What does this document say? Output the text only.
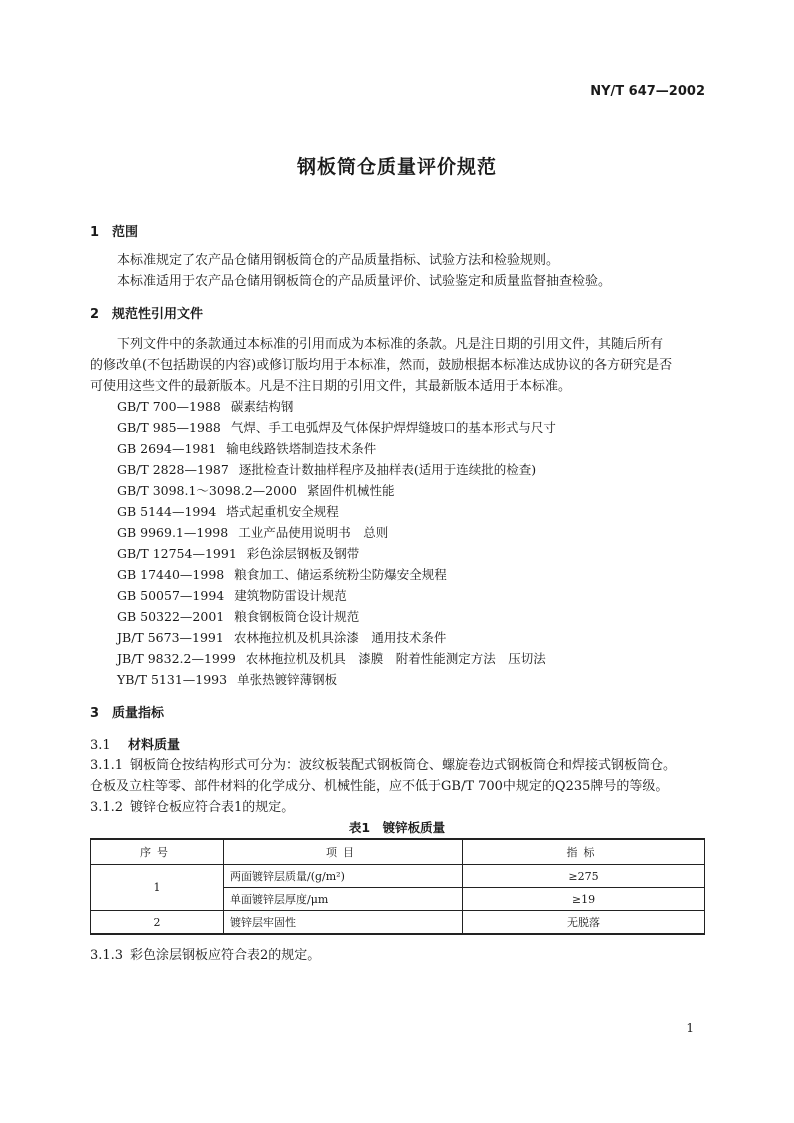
NY/T 647—2002
钢板筒仓质量评价规范
1 范围
本标准规定了农产品仓储用钢板筒仓的产品质量指标、试验方法和检验规则。
本标准适用于农产品仓储用钢板筒仓的产品质量评价、试验鉴定和质量监督抽查检验。
2 规范性引用文件
下列文件中的条款通过本标准的引用而成为本标准的条款。凡是注日期的引用文件，其随后所有
的修改单(不包括勘误的内容)或修订版均用于本标准，然而，鼓励根据本标准达成协议的各方研究是否
可使用这些文件的最新版本。凡是不注日期的引用文件，其最新版本适用于本标准。
GB/T 700—1988 碳素结构钢
GB/T 985—1988 气焊、手工电弧焊及气体保护焊焊缝坡口的基本形式与尺寸
GB 2694—1981 输电线路铁塔制造技术条件
GB/T 2828—1987 逐批检查计数抽样程序及抽样表(适用于连续批的检查)
GB/T 3098.1～3098.2—2000 紧固件机械性能
GB 5144—1994 塔式起重机安全规程
GB 9969.1—1998 工业产品使用说明书　总则
GB/T 12754—1991 彩色涂层钢板及钢带
GB 17440—1998 粮食加工、储运系统粉尘防爆安全规程
GB 50057—1994 建筑物防雷设计规范
GB 50322—2001 粮食钢板筒仓设计规范
JB/T 5673—1991 农林拖拉机及机具涂漆　通用技术条件
JB/T 9832.2—1999 农林拖拉机及机具　漆膜　附着性能测定方法　压切法
YB/T 5131—1993 单张热镀锌薄钢板
3 质量指标
3.1 材料质量
3.1.1 钢板筒仓按结构形式可分为：波纹板装配式钢板筒仓、螺旋卷边式钢板筒仓和焊接式钢板筒仓。
仓板及立柱等零、部件材料的化学成分、机械性能，应不低于GB/T 700中规定的Q235牌号的等级。
3.1.2 镀锌仓板应符合表1的规定。
表1　镀锌板质量
序号	项目	指标
1	两面镀锌层质量/(g/m²)	≥275
	单面镀锌层厚度/μm	≥19
2	镀锌层牢固性	无脱落
3.1.3 彩色涂层钢板应符合表2的规定。
1
